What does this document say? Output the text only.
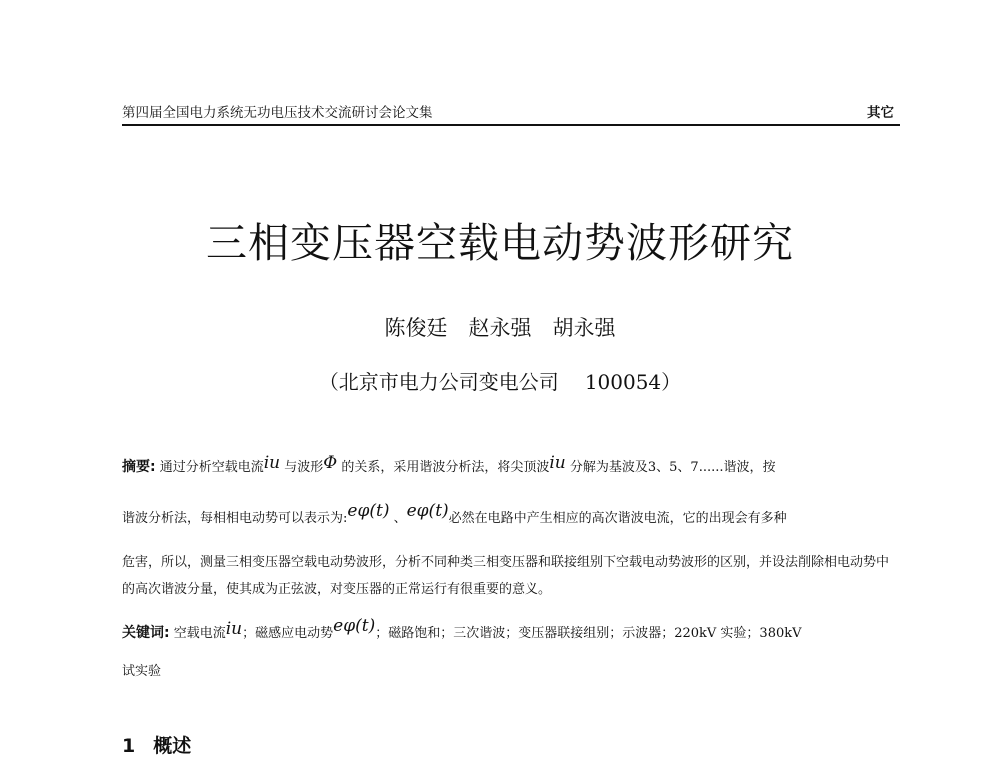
第四届全国电力系统无功电压技术交流研讨会论文集	其它
三相变压器空载电动势波形研究
陈俊廷　赵永强　胡永强
（北京市电力公司变电公司 100054）

摘要: 通过分析空载电流iu 与波形Φ 的关系，采用谐波分析法，将尖顶波iu 分解为基波及3、5、7......谐波，按

谐波分析法，每相相电动势可以表示为:eφ(t) 、eφ(t)必然在电路中产生相应的高次谐波电流，它的出现会有多种

危害，所以，测量三相变压器空载电动势波形，分析不同种类三相变压器和联接组别下空载电动势波形的区别，并设法削除相电动势中的高次谐波分量，使其成为正弦波，对变压器的正常运行有很重要的意义。

关键词: 空载电流iu；磁感应电动势eφ(t)；磁路饱和；三次谐波；变压器联接组别；示波器；220kV 实验；380kV

试实验

1 概述
